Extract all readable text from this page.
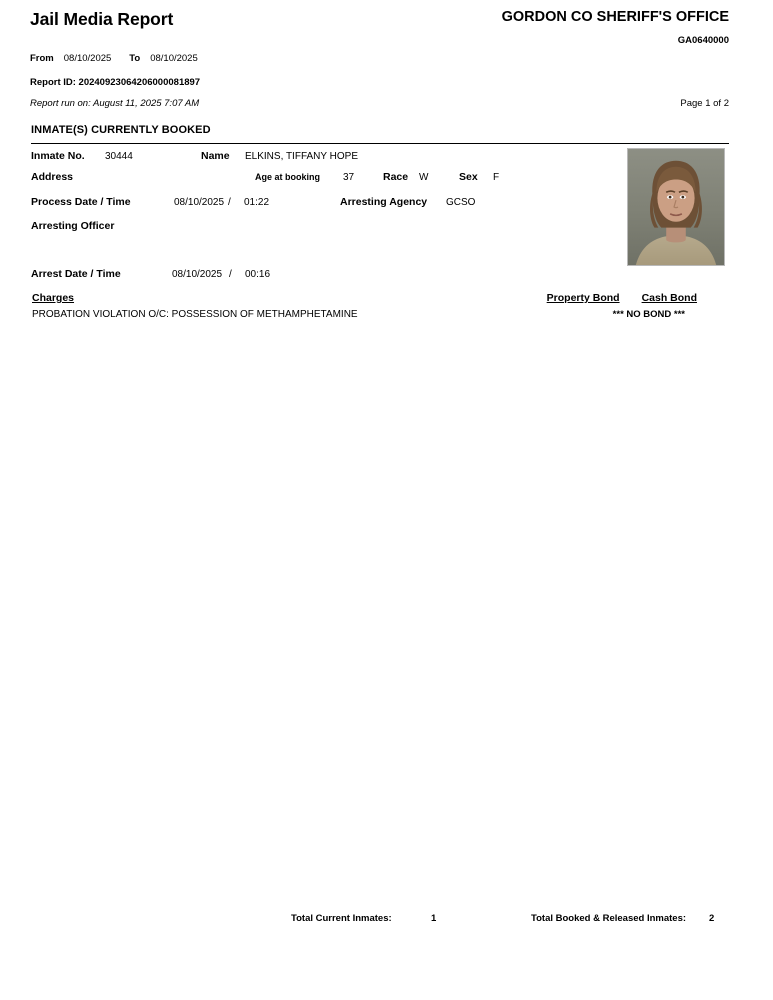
Jail Media Report	GORDON CO SHERIFF'S OFFICE
GA0640000
From 08/10/2025 To 08/10/2025
Report ID: 20240923064206000081897
Report run on: August 11, 2025 7:07 AM	Page 1 of 2
INMATE(S) CURRENTLY BOOKED
Inmate No.	30444	Name	ELKINS, TIFFANY HOPE
Address	Age at booking	37	Race	W	Sex	F
Process Date / Time	08/10/2025 /	01:22	Arresting Agency	GCSO
Arresting Officer
Arrest Date / Time	08/10/2025 /	00:16
Charges	Property Bond Cash Bond
PROBATION VIOLATION O/C: POSSESSION OF METHAMPHETAMINE	*** NO BOND ***
Total Current Inmates:	1	Total Booked & Released Inmates:	2
